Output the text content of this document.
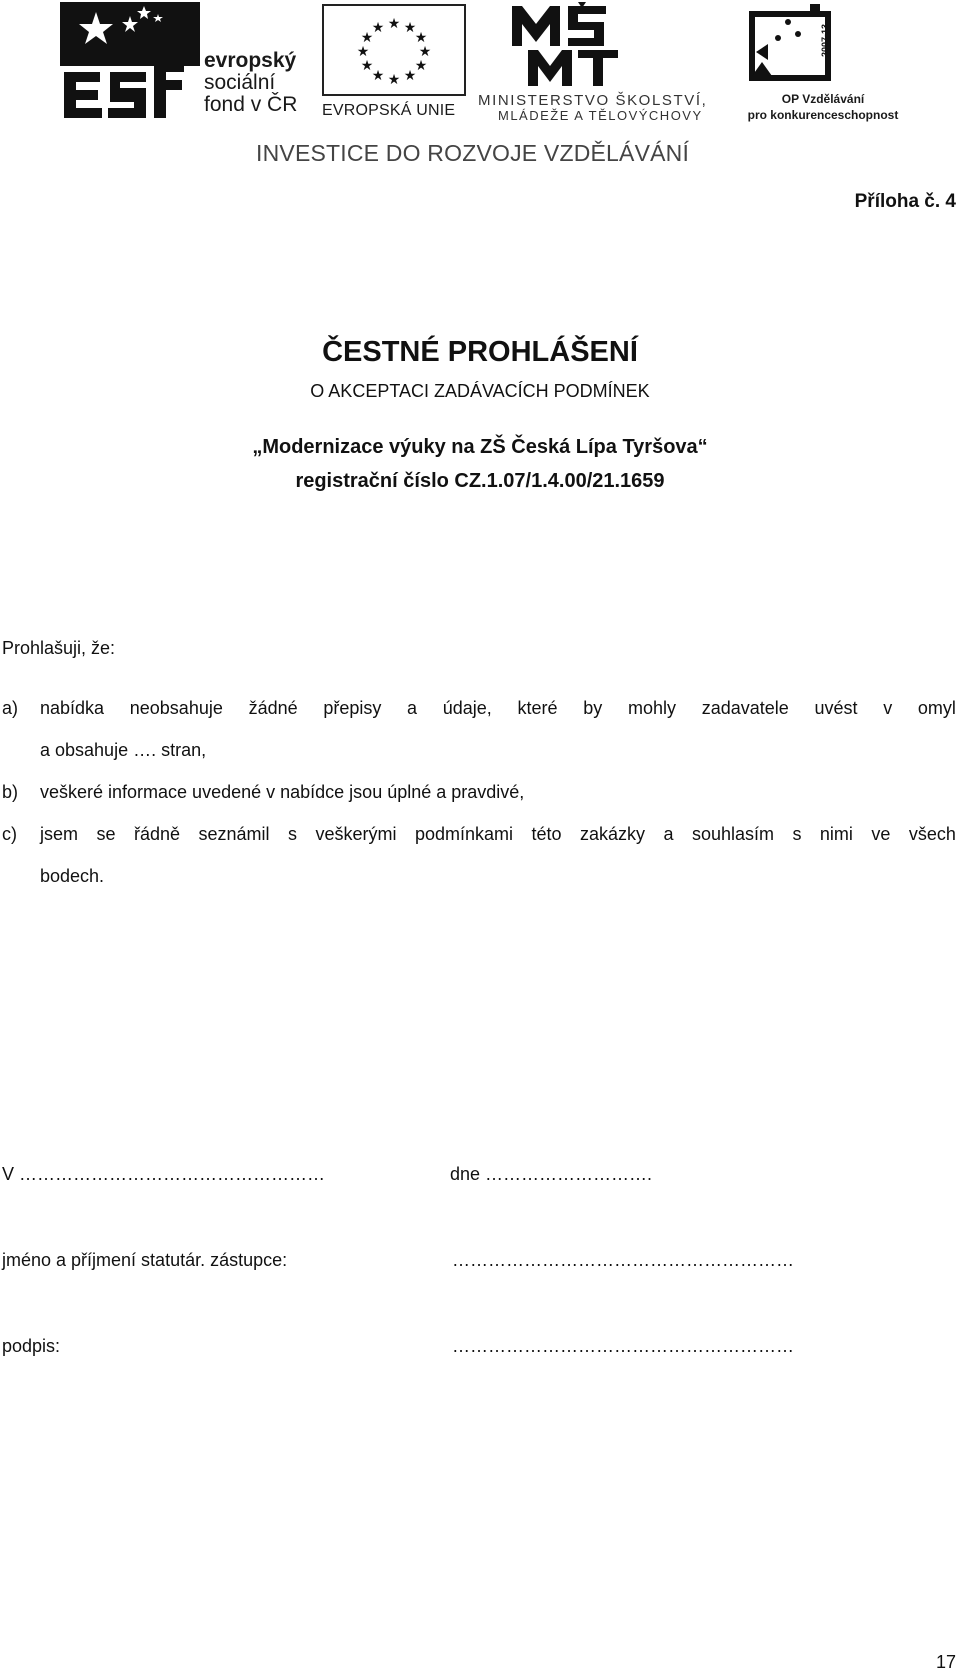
evropský
sociální
fond v ČR
★ ★
★
★
★
★
★
★
★
★
★
★
EVROPSKÁ UNIE
MINISTERSTVO ŠKOLSTVÍ,
MLÁDEŽE A TĚLOVÝCHOVY
2007-13
OP Vzdělávání
pro konkurenceschopnost
INVESTICE DO ROZVOJE VZDĚLÁVÁNÍ
Příloha č. 4
ČESTNÉ PROHLÁŠENÍ
O AKCEPTACI ZADÁVACÍCH PODMÍNEK
„Modernizace výuky na ZŠ Česká Lípa Tyršova“
registrační číslo CZ.1.07/1.4.00/21.1659
Prohlašuji, že:
a) nabídka neobsahuje žádné přepisy a údaje, které by mohly zadavatele uvést v omyl
a obsahuje …. stran,
b) veškeré informace uvedené v nabídce jsou úplné a pravdivé,
c) jsem se řádně seznámil s veškerými podmínkami této zakázky a souhlasím s nimi ve všech
bodech.
V ……………………………………………	dne ……………………….
jméno a příjmení statutár. zástupce:	…………………………………………………
podpis:	…………………………………………………
17
